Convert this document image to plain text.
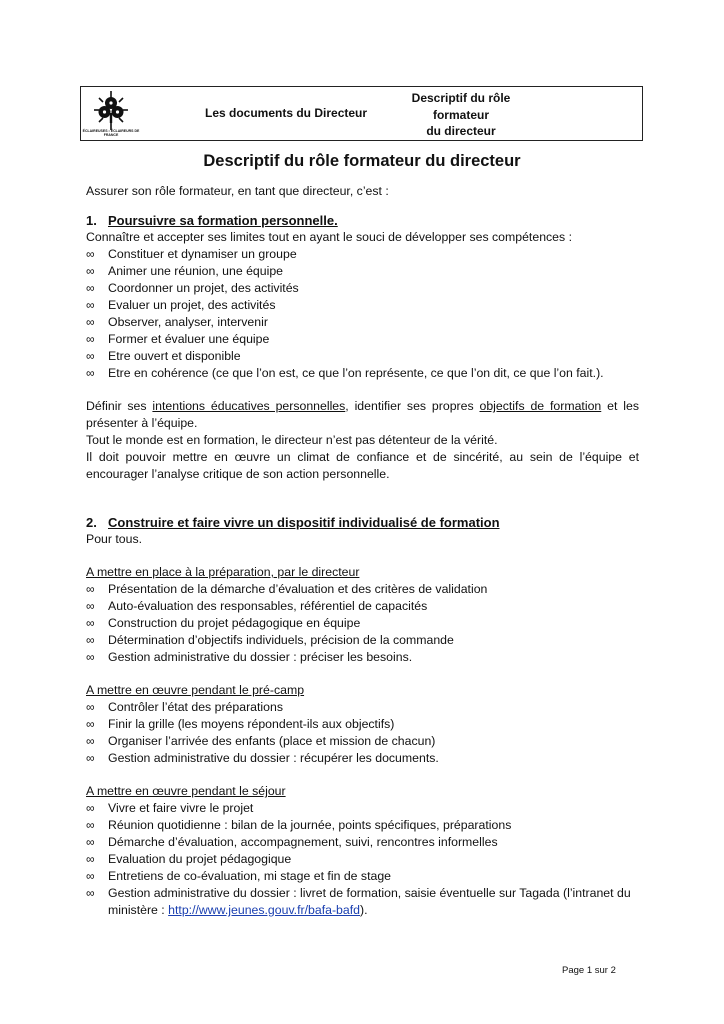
ÉCLAIREUSES • ÉCLAIREURS DE FRANCE
Les documents du Directeur
Descriptif du rôle
formateur
du directeur
Descriptif du rôle formateur du directeur

Assurer son rôle formateur, en tant que directeur, c’est :

1. Poursuivre sa formation personnelle.

Connaître et accepter ses limites tout en ayant le souci de développer ses compétences :

∞ Constituer et dynamiser un groupe
∞ Animer une réunion, une équipe
∞ Coordonner un projet, des activités
∞ Evaluer un projet, des activités
∞ Observer, analyser, intervenir
∞ Former et évaluer une équipe
∞ Etre ouvert et disponible
∞ Etre en cohérence (ce que l’on est, ce que l’on représente, ce que l’on dit, ce que l’on fait.).

Définir ses intentions éducatives personnelles, identifier ses propres objectifs de formation et les présenter à l’équipe.

Tout le monde est en formation, le directeur n’est pas détenteur de la vérité.

Il doit pouvoir mettre en œuvre un climat de confiance et de sincérité, au sein de l’équipe et encourager l’analyse critique de son action personnelle.

2. Construire et faire vivre un dispositif individualisé de formation

Pour tous.

A mettre en place à la préparation, par le directeur

∞ Présentation de la démarche d’évaluation et des critères de validation
∞ Auto-évaluation des responsables, référentiel de capacités
∞ Construction du projet pédagogique en équipe
∞ Détermination d’objectifs individuels, précision de la commande
∞ Gestion administrative du dossier : préciser les besoins.

A mettre en œuvre pendant le pré-camp

∞ Contrôler l’état des préparations
∞ Finir la grille (les moyens répondent-ils aux objectifs)
∞ Organiser l’arrivée des enfants (place et mission de chacun)
∞ Gestion administrative du dossier : récupérer les documents.

A mettre en œuvre pendant le séjour

∞ Vivre et faire vivre le projet
∞ Réunion quotidienne : bilan de la journée, points spécifiques, préparations
∞ Démarche d’évaluation, accompagnement, suivi, rencontres informelles
∞ Evaluation du projet pédagogique
∞ Entretiens de co-évaluation, mi stage et fin de stage
∞ Gestion administrative du dossier : livret de formation, saisie éventuelle sur Tagada (l’intranet du ministère : http://www.jeunes.gouv.fr/bafa-bafd).
Page 1 sur 2
